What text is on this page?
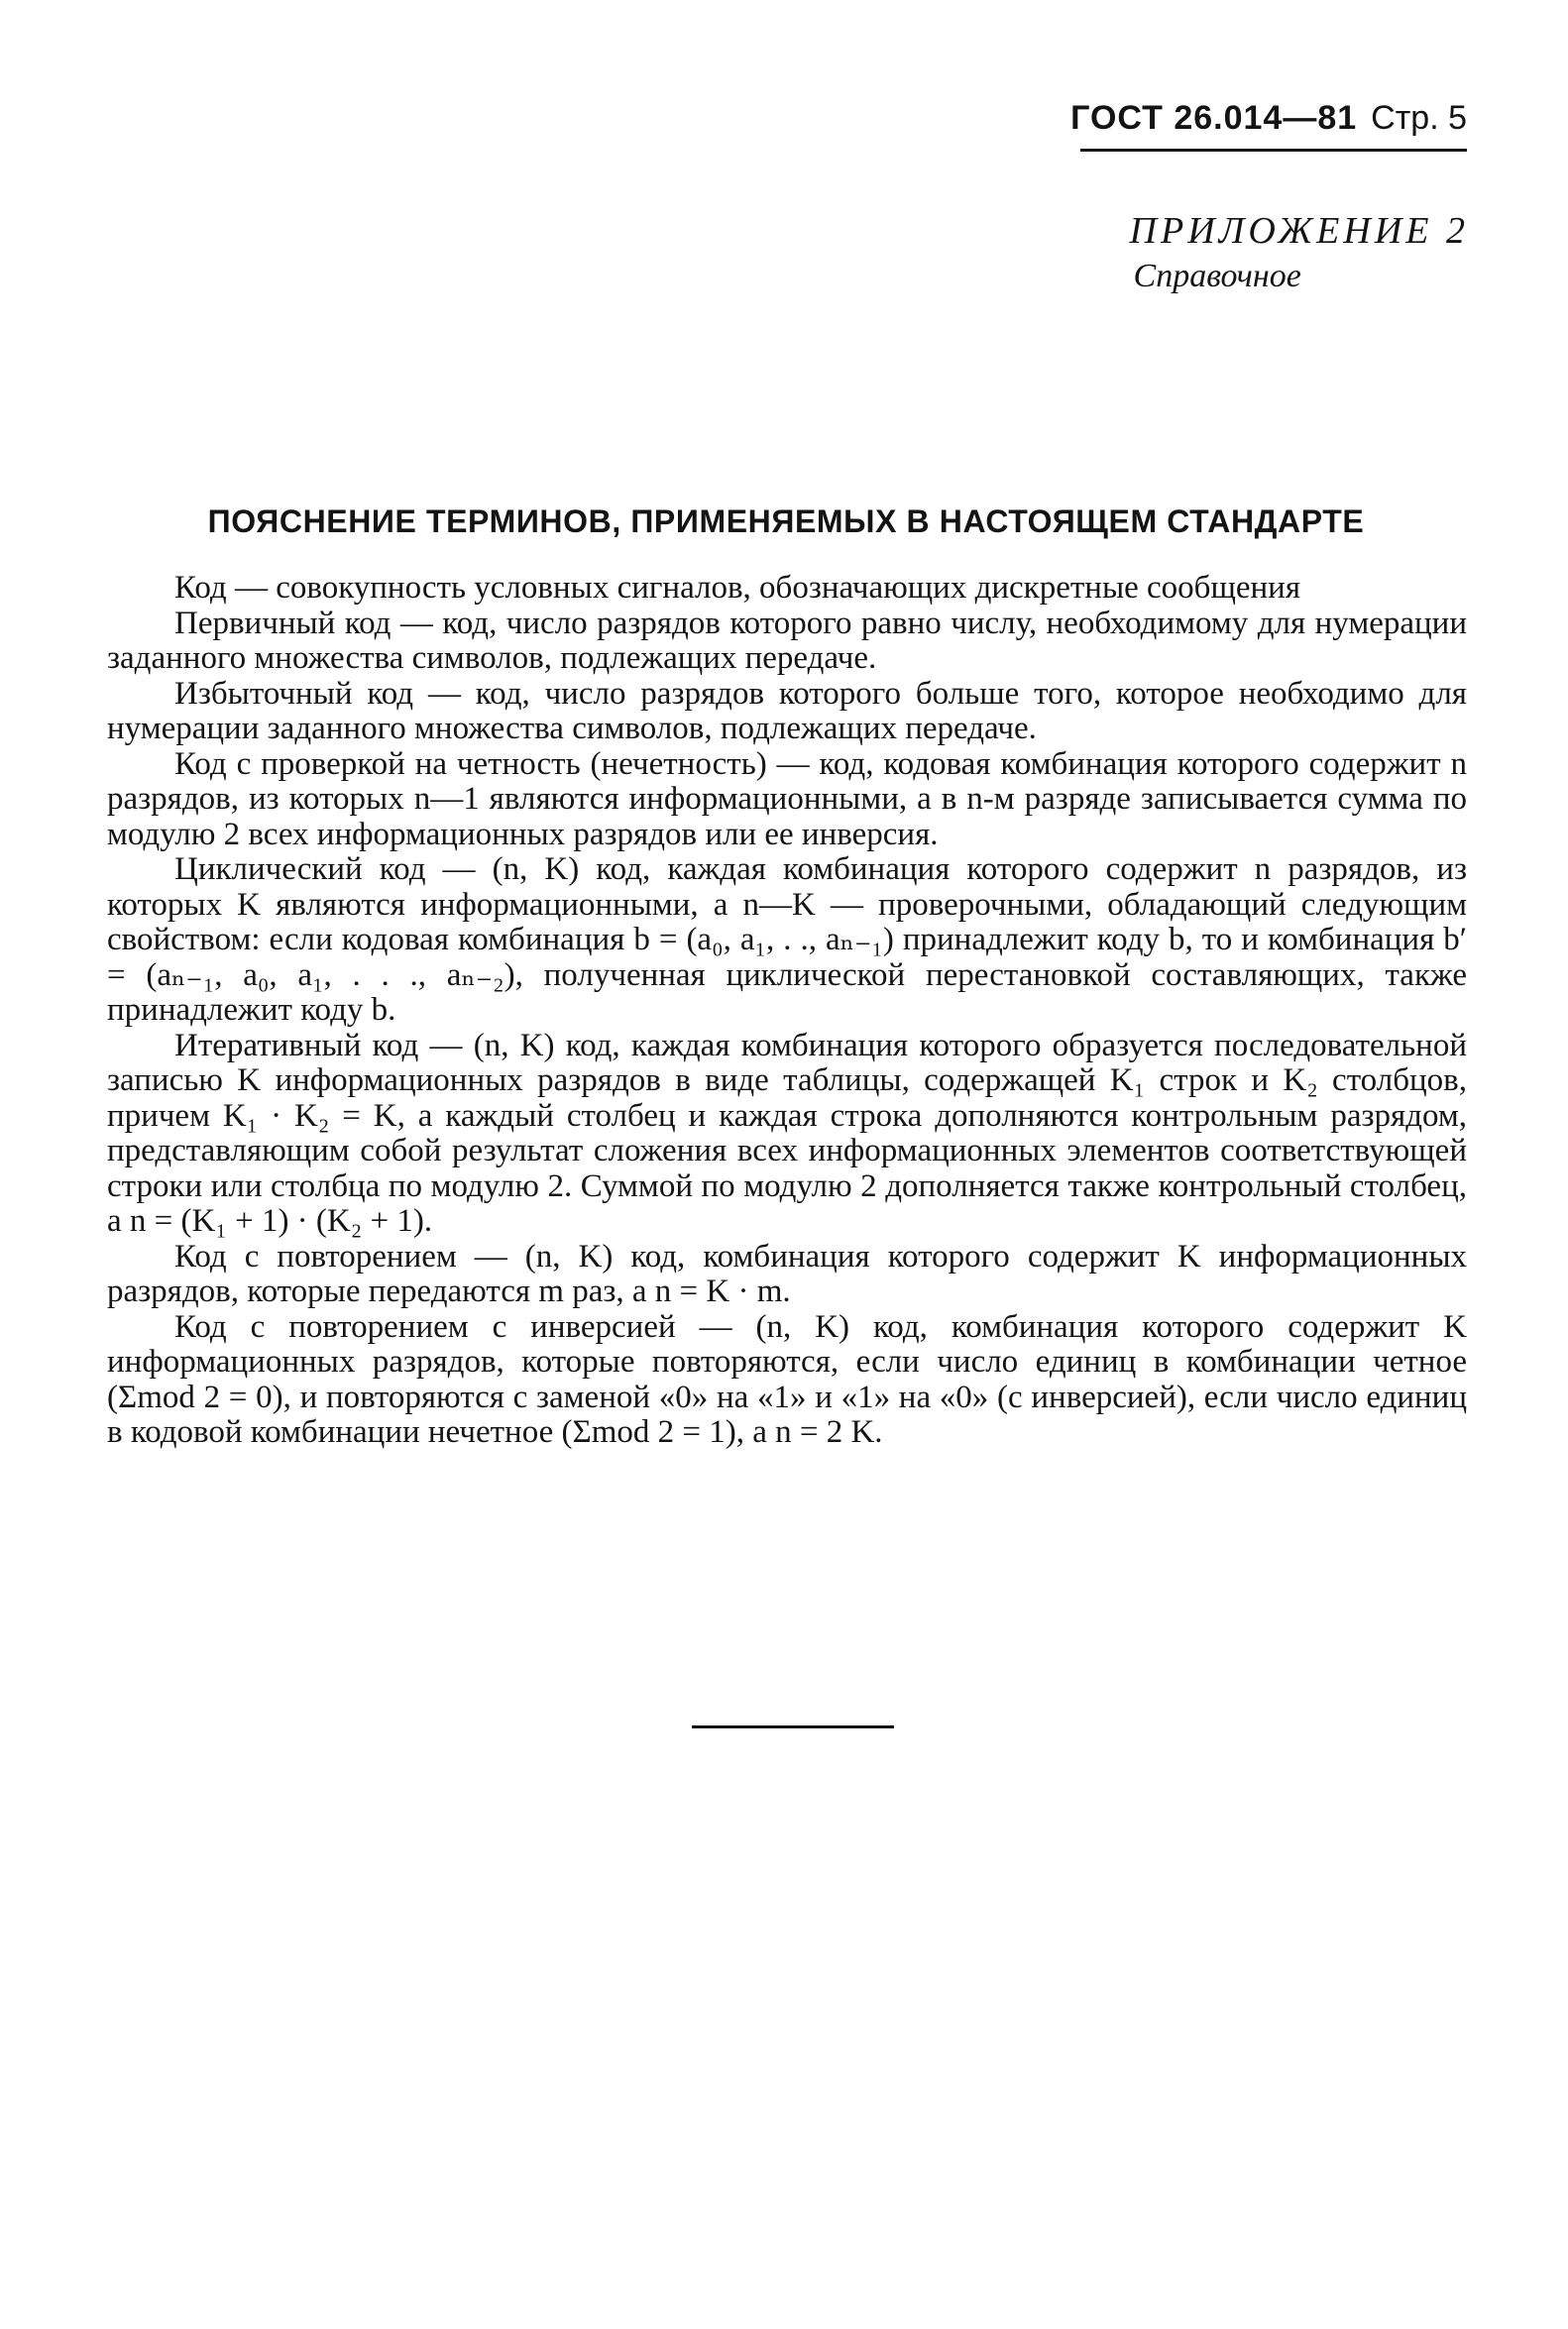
ГОСТ 26.014—81 Стр. 5
ПРИЛОЖЕНИЕ 2
Справочное
ПОЯСНЕНИЕ ТЕРМИНОВ, ПРИМЕНЯЕМЫХ В НАСТОЯЩЕМ СТАНДАРТЕ

Код — совокупность условных сигналов, обозначающих дискретные сообщения

Первичный код — код, число разрядов которого равно числу, необходимому для нумерации заданного множества символов, подлежащих передаче.

Избыточный код — код, число разрядов которого больше того, которое необходимо для нумерации заданного множества символов, подлежащих передаче.

Код с проверкой на четность (нечетность) — код, кодовая комбинация которого содержит n разрядов, из которых n—1 являются информационными, а в n-м разряде записывается сумма по модулю 2 всех информационных разрядов или ее инверсия.

Циклический код — (n, K) код, каждая комбинация которого содержит n разрядов, из которых K являются информационными, а n—K — проверочными, обладающий следующим свойством: если кодовая комбинация b = (a₀, a₁, . ., aₙ₋₁) принадлежит коду b, то и комбинация b′ = (aₙ₋₁, a₀, a₁, . . ., aₙ₋₂), полученная циклической перестановкой составляющих, также принадлежит коду b.

Итеративный код — (n, K) код, каждая комбинация которого образуется последовательной записью K информационных разрядов в виде таблицы, содержащей K₁ строк и K₂ столбцов, причем K₁ · K₂ = K, а каждый столбец и каждая строка дополняются контрольным разрядом, представляющим собой результат сложения всех информационных элементов соответствующей строки или столбца по модулю 2. Суммой по модулю 2 дополняется также контрольный столбец, а n = (K₁ + 1) · (K₂ + 1).

Код с повторением — (n, K) код, комбинация которого содержит K информационных разрядов, которые передаются m раз, а n = K · m.

Код с повторением с инверсией — (n, K) код, комбинация которого содержит K информационных разрядов, которые повторяются, если число единиц в комбинации четное (Σmod 2 = 0), и повторяются с заменой «0» на «1» и «1» на «0» (с инверсией), если число единиц в кодовой комбинации нечетное (Σmod 2 = 1), а n = 2 K.
